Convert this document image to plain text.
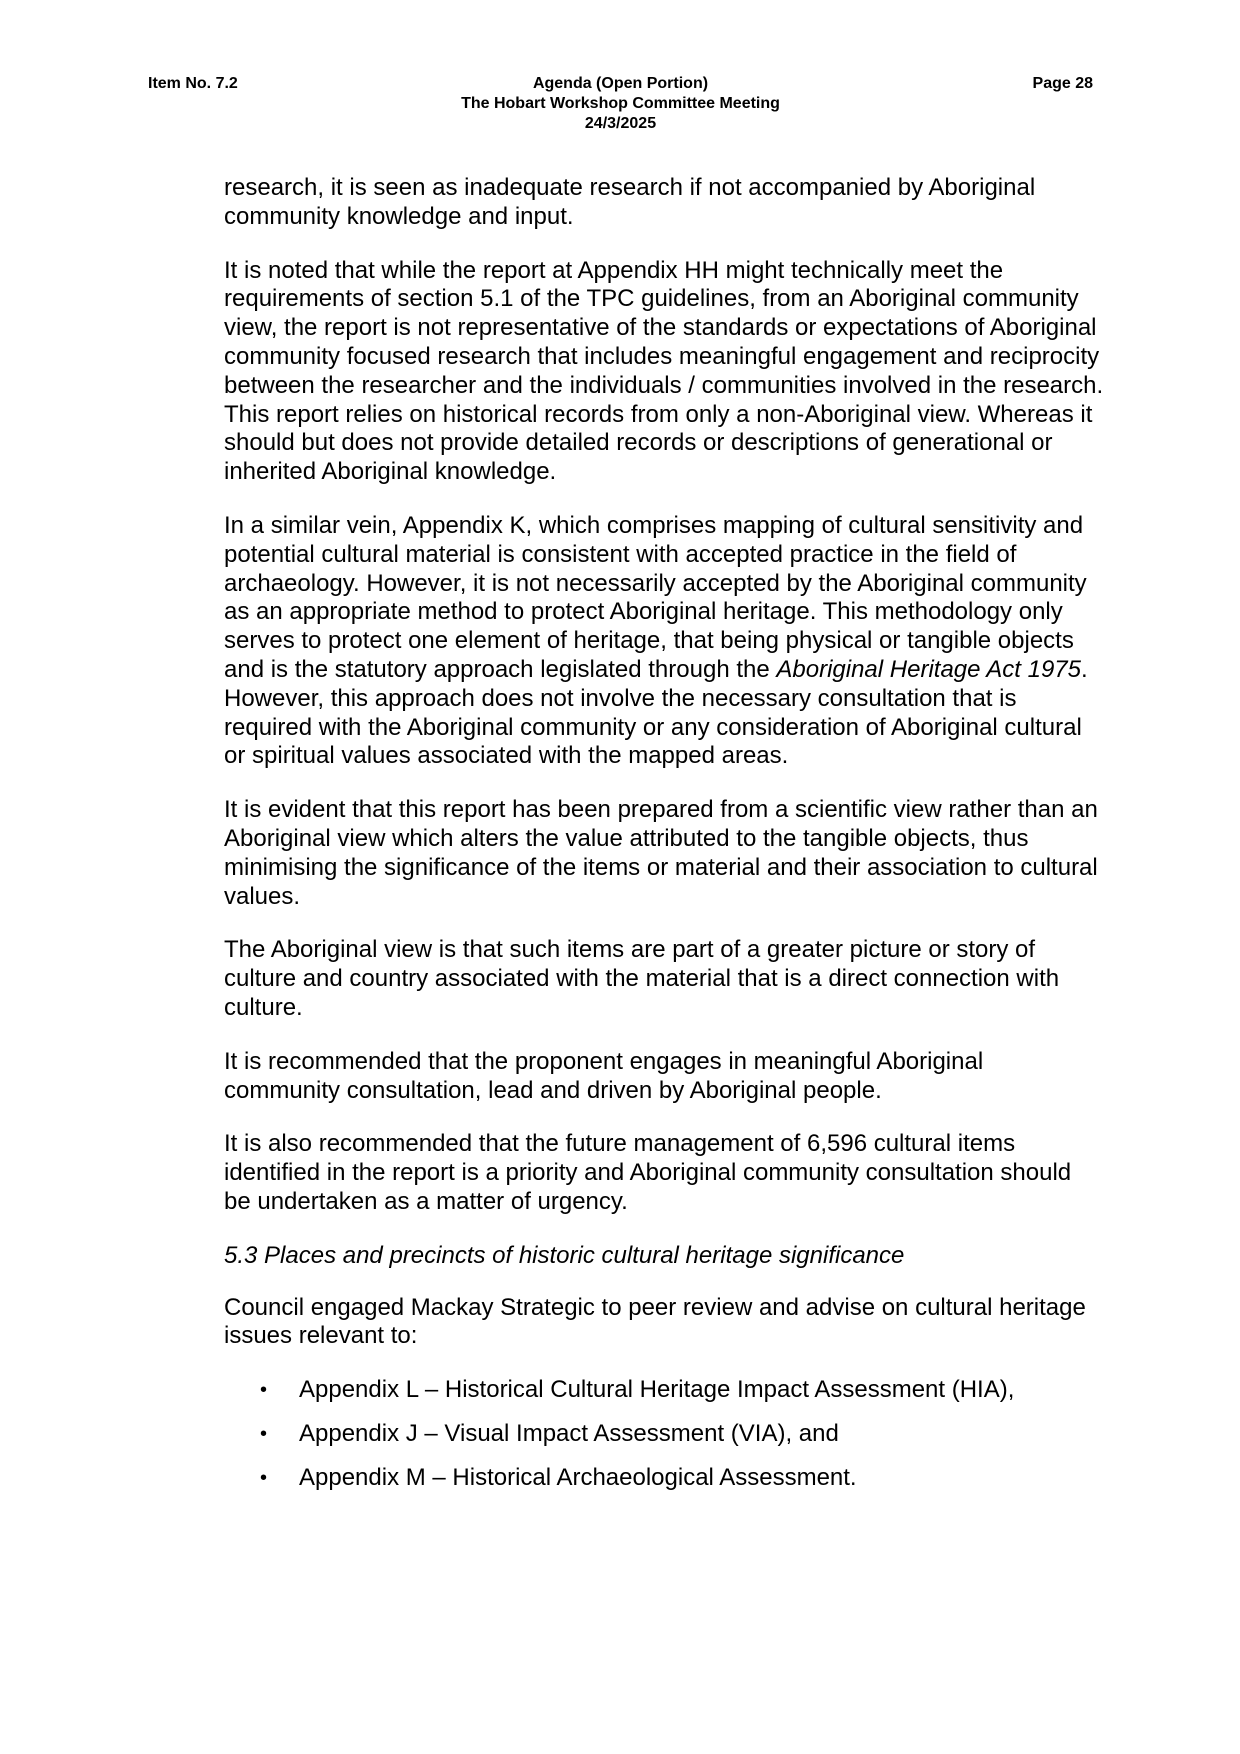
Item No. 7.2	Agenda (Open Portion)
The Hobart Workshop Committee Meeting
24/3/2025
Page 28

research, it is seen as inadequate research if not accompanied by Aboriginal community knowledge and input.

It is noted that while the report at Appendix HH might technically meet the requirements of section 5.1 of the TPC guidelines, from an Aboriginal community view, the report is not representative of the standards or expectations of Aboriginal community focused research that includes meaningful engagement and reciprocity between the researcher and the individuals / communities involved in the research. This report relies on historical records from only a non-Aboriginal view. Whereas it should but does not provide detailed records or descriptions of generational or inherited Aboriginal knowledge.

In a similar vein, Appendix K, which comprises mapping of cultural sensitivity and potential cultural material is consistent with accepted practice in the field of archaeology. However, it is not necessarily accepted by the Aboriginal community as an appropriate method to protect Aboriginal heritage. This methodology only serves to protect one element of heritage, that being physical or tangible objects and is the statutory approach legislated through the Aboriginal Heritage Act 1975. However, this approach does not involve the necessary consultation that is required with the Aboriginal community or any consideration of Aboriginal cultural or spiritual values associated with the mapped areas.

It is evident that this report has been prepared from a scientific view rather than an Aboriginal view which alters the value attributed to the tangible objects, thus minimising the significance of the items or material and their association to cultural values.

The Aboriginal view is that such items are part of a greater picture or story of culture and country associated with the material that is a direct connection with culture.

It is recommended that the proponent engages in meaningful Aboriginal community consultation, lead and driven by Aboriginal people.

It is also recommended that the future management of 6,596 cultural items identified in the report is a priority and Aboriginal community consultation should be undertaken as a matter of urgency.

5.3 Places and precincts of historic cultural heritage significance

Council engaged Mackay Strategic to peer review and advise on cultural heritage issues relevant to:

• Appendix L – Historical Cultural Heritage Impact Assessment (HIA),
• Appendix J – Visual Impact Assessment (VIA), and
• Appendix M – Historical Archaeological Assessment.
